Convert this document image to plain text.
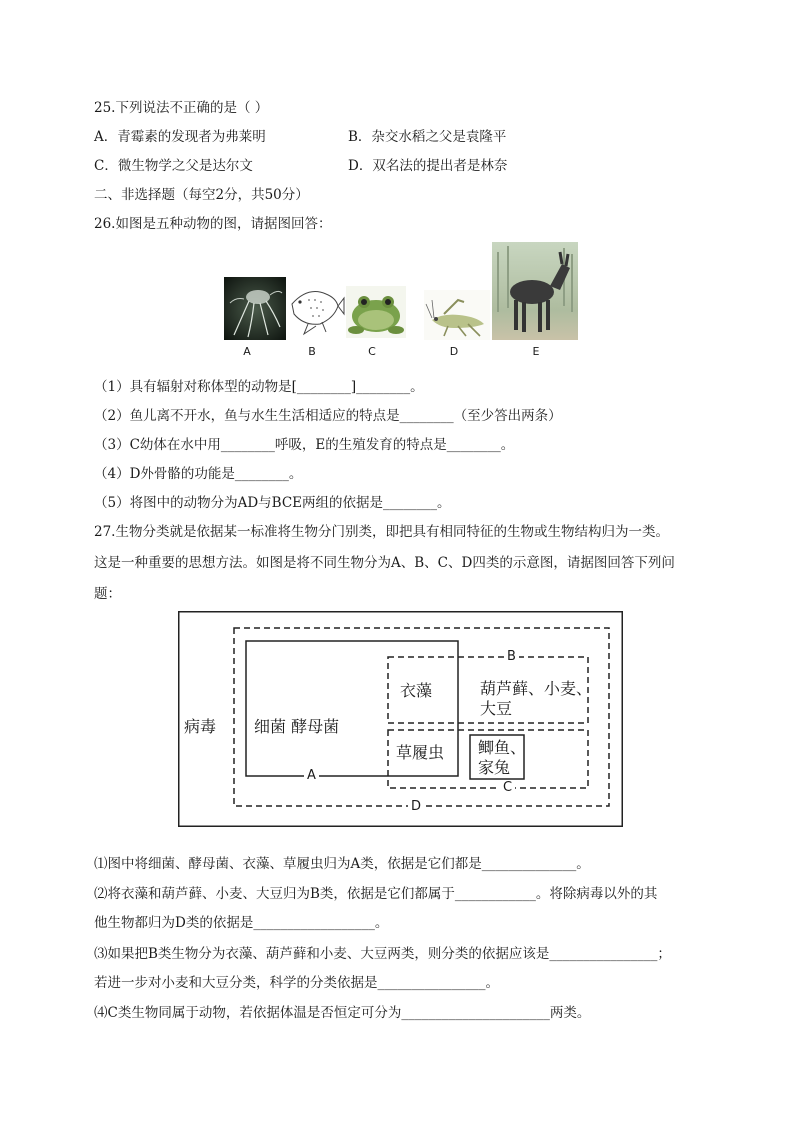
25.下列说法不正确的是（ ）
A．青霉素的发现者为弗莱明	B．杂交水稻之父是袁隆平
C．微生物学之父是达尔文	D．双名法的提出者是林奈
二、非选择题（每空2分，共50分）
26.如图是五种动物的图，请据图回答：
A	B	C	D	E
（1）具有辐射对称体型的动物是[________]________。
（2）鱼儿离不开水，鱼与水生生活相适应的特点是________（至少答出两条）
（3）C幼体在水中用________呼吸，E的生殖发育的特点是________。
（4）D外骨骼的功能是________。
（5）将图中的动物分为AD与BCE两组的依据是________。
27.生物分类就是依据某一标准将生物分门别类，即把具有相同特征的生物或生物结构归为一类。
这是一种重要的思想方法。如图是将不同生物分为A、B、C、D四类的示意图，请据图回答下列问
题：
病毒 细菌 酵母菌
衣藻	葫芦藓、小麦、
大豆
草履虫 鲫鱼、
家兔
A
B
C
D
⑴图中将细菌、酵母菌、衣藻、草履虫归为A类，依据是它们都是______________。
⑵将衣藻和葫芦藓、小麦、大豆归为B类，依据是它们都属于____________。将除病毒以外的其
他生物都归为D类的依据是__________________。
⑶如果把B类生物分为衣藻、葫芦藓和小麦、大豆两类，则分类的依据应该是________________；
若进一步对小麦和大豆分类，科学的分类依据是________________。
⑷C类生物同属于动物，若依据体温是否恒定可分为______________________两类。
